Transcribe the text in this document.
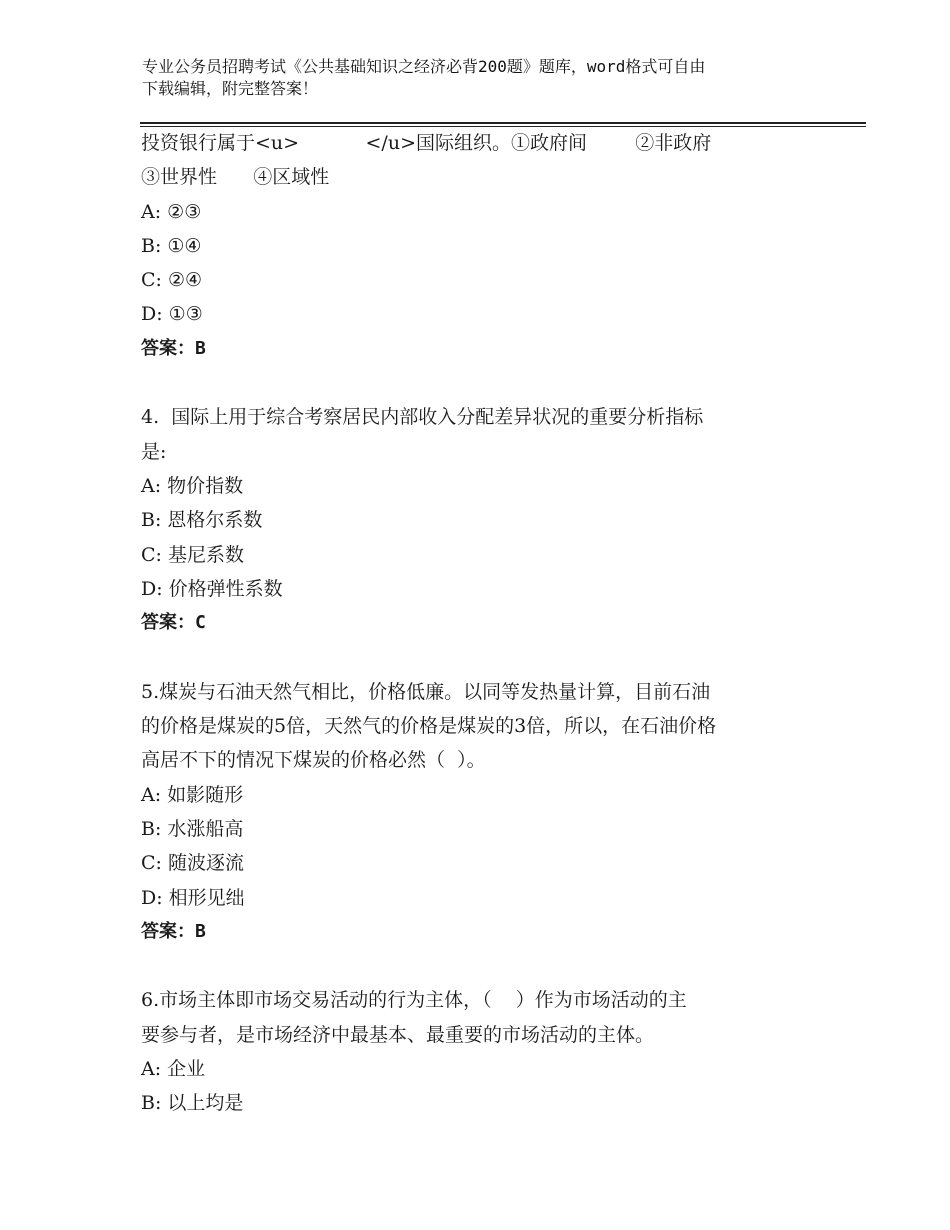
专业公务员招聘考试《公共基础知识之经济必背200题》题库，word格式可自由
下载编辑，附完整答案！
投资银行属于<u>           </u>国际组织。①政府间        ②非政府
③世界性      ④区域性
A: ②③
B: ①④
C: ②④
D: ①③
答案：B
4.  国际上用于综合考察居民内部收入分配差异状况的重要分析指标
是:
A: 物价指数
B: 恩格尔系数
C: 基尼系数
D: 价格弹性系数
答案：C
5.煤炭与石油天然气相比，价格低廉。以同等发热量计算，目前石油
的价格是煤炭的5倍，天然气的价格是煤炭的3倍，所以，在石油价格
高居不下的情况下煤炭的价格必然（  ）。
A: 如影随形
B: 水涨船高
C: 随波逐流
D: 相形见绌
答案：B
6.市场主体即市场交易活动的行为主体，（    ）作为市场活动的主
要参与者，是市场经济中最基本、最重要的市场活动的主体。
A: 企业
B: 以上均是
